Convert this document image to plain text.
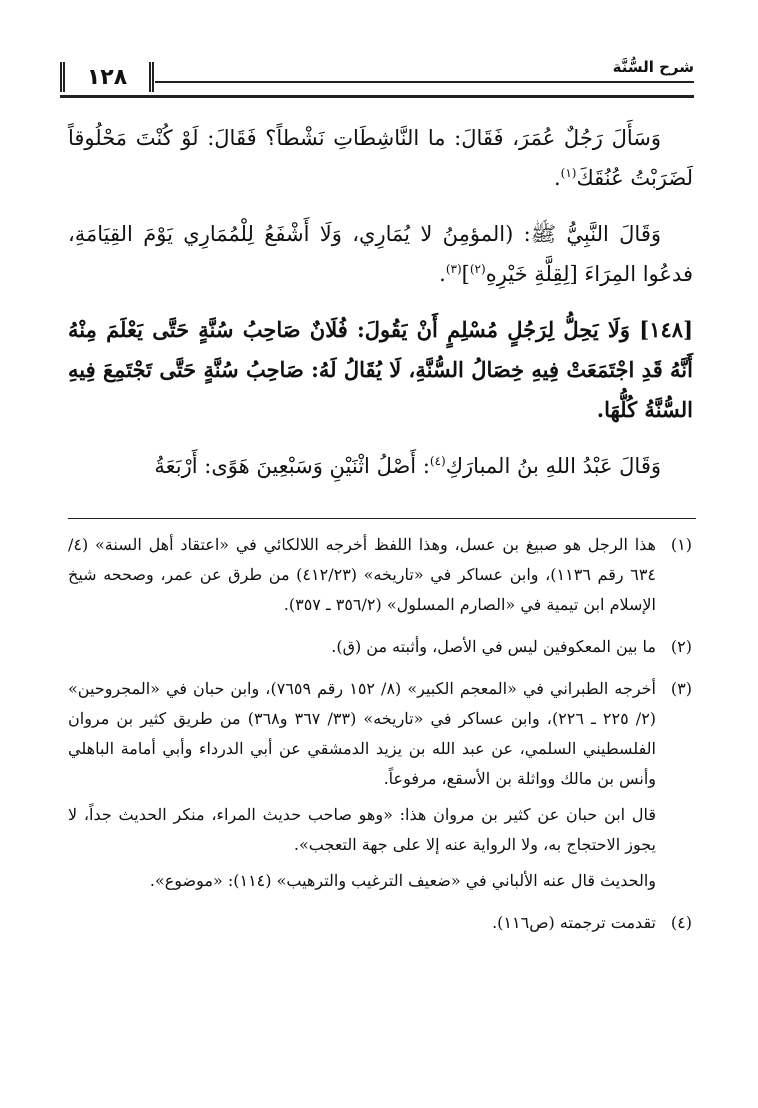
١٢٨	شرح السُّنَّة

وَسَأَلَ رَجُلٌ عُمَرَ، فَقَالَ: ما النَّاشِطَاتِ نَشْطاً؟ فَقَالَ: لَوْ كُنْتَ مَحْلُوقاً لَضَرَبْتُ عُنُقَكَ$^{(١)}$.

وَقَالَ النَّبِيُّ ﷺ: (المؤمِنُ لا يُمَارِي، وَلَا أَشْفَعُ لِلْمُمَارِي يَوْمَ القِيَامَةِ، فدعُوا المِرَاءَ [لِقِلَّةِ خَيْرِهِ$^{(٢)}$]$^{(٣)}$.

[١٤٨] وَلَا يَحِلُّ لِرَجُلٍ مُسْلِمٍ أَنْ يَقُولَ: فُلَانٌ صَاحِبُ سُنَّةٍ حَتَّى يَعْلَمَ مِنْهُ أَنَّهُ قَدِ اجْتَمَعَتْ فِيهِ خِصَالُ السُّنَّةِ، لَا يُقَالُ لَهُ: صَاحِبُ سُنَّةٍ حَتَّى تَجْتَمِعَ فِيهِ السُّنَّةُ كُلُّهَا.

وَقَالَ عَبْدُ اللهِ بنُ المبارَكِ$^{(٤)}$: أَصْلُ اثْنَيْنِ وَسَبْعِينَ هَوًى: أَرْبَعَةُ

(١)

هذا الرجل هو صبيغ بن عسل، وهذا اللفظ أخرجه اللالكائي في «اعتقاد أهل السنة» (٤/ ٦٣٤ رقم ١١٣٦)، وابن عساكر في «تاريخه» (٤١٢/٢٣) من طرق عن عمر، وصححه شيخ الإسلام ابن تيمية في «الصارم المسلول» (٣٥٦/٢ ـ ٣٥٧).

(٢)

ما بين المعكوفين ليس في الأصل، وأثبته من (ق).

(٣)

أخرجه الطبراني في «المعجم الكبير» (٨/ ١٥٢ رقم ٧٦٥٩)، وابن حبان في «المجروحين» (٢/ ٢٢٥ ـ ٢٢٦)، وابن عساكر في «تاريخه» (٣٣/ ٣٦٧ و٣٦٨) من طريق كثير بن مروان الفلسطيني السلمي، عن عبد الله بن يزيد الدمشقي عن أبي الدرداء وأبي أمامة الباهلي وأنس بن مالك وواثلة بن الأسقع، مرفوعاً.

قال ابن حبان عن كثير بن مروان هذا: «وهو صاحب حديث المراء، منكر الحديث جداً، لا يجوز الاحتجاج به، ولا الرواية عنه إلا على جهة التعجب».

والحديث قال عنه الألباني في «ضعيف الترغيب والترهيب» (١١٤): «موضوع».

(٤)

تقدمت ترجمته (ص١١٦).
